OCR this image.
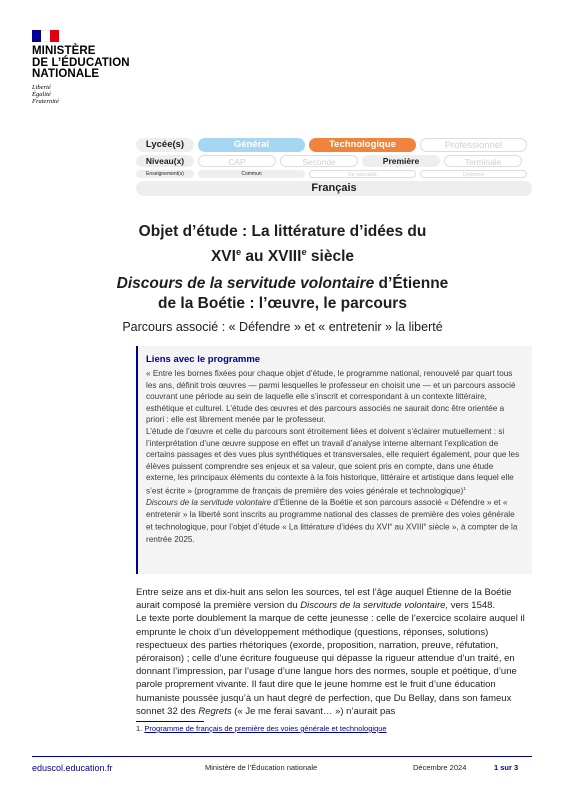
MINISTÈRE
DE L’ÉDUCATION
NATIONALE
Liberté
Égalité
Fraternité
Lycée(s)	Général	Technologique	Professionnel
Niveau(x)	CAP	Seconde	Première	Terminale
Enseignement(s)	Commun	De spécialité	Optionnel
Français
Objet d’étude : La littérature d’idées du
XVIe au XVIIIe siècle
Discours de la servitude volontaire d’Étienne
de la Boétie : l’œuvre, le parcours
Parcours associé : « Défendre » et « entretenir » la liberté
Liens avec le programme

« Entre les bornes fixées pour chaque objet d’étude, le programme national, renouvelé par quart tous les ans, définit trois œuvres — parmi lesquelles le professeur en choisit une — et un parcours associé couvrant une période au sein de laquelle elle s’inscrit et correspondant à un contexte littéraire, esthétique et culturel. L’étude des œuvres et des parcours associés ne saurait donc être orientée a priori : elle est librement menée par le professeur.

L’étude de l’œuvre et celle du parcours sont étroitement liées et doivent s’éclairer mutuellement : si l’interprétation d’une œuvre suppose en effet un travail d’analyse interne alternant l’explication de certains passages et des vues plus synthétiques et transversales, elle requiert également, pour que les élèves puissent comprendre ses enjeux et sa valeur, que soient pris en compte, dans une étude externe, les principaux éléments du contexte à la fois historique, littéraire et artistique dans lequel elle s’est écrite » (programme de français de première des voies générale et technologique)$^1$

Discours de la servitude volontaire d’Étienne de la Boétie et son parcours associé « Défendre » et « entretenir » la liberté sont inscrits au programme national des classes de première des voies générale et technologique, pour l’objet d’étude « La littérature d’idées du XVIe au XVIIIe siècle », à compter de la rentrée 2025.

Entre seize ans et dix-huit ans selon les sources, tel est l’âge auquel Étienne de la Boétie aurait composé la première version du Discours de la servitude volontaire, vers 1548.

Le texte porte doublement la marque de cette jeunesse : celle de l’exercice scolaire auquel il emprunte le choix d’un développement méthodique (questions, réponses, solutions) respectueux des parties rhétoriques (exorde, proposition, narration, preuve, réfutation, péroraison) ; celle d’une écriture fougueuse qui dépasse la rigueur attendue d’un traité, en donnant l’impression, par l’usage d’une langue hors des normes, souple et poétique, d’une parole proprement vivante. Il faut dire que le jeune homme est le fruit d’une éducation humaniste poussée jusqu’à un haut degré de perfection, que Du Bellay, dans son fameux sonnet 32 des Regrets (« Je me ferai savant… ») n’aurait pas

1. Programme de français de première des voies générale et technologique
eduscol.education.fr	Ministère de l’Éducation nationale	Décembre 2024	1 sur 3
